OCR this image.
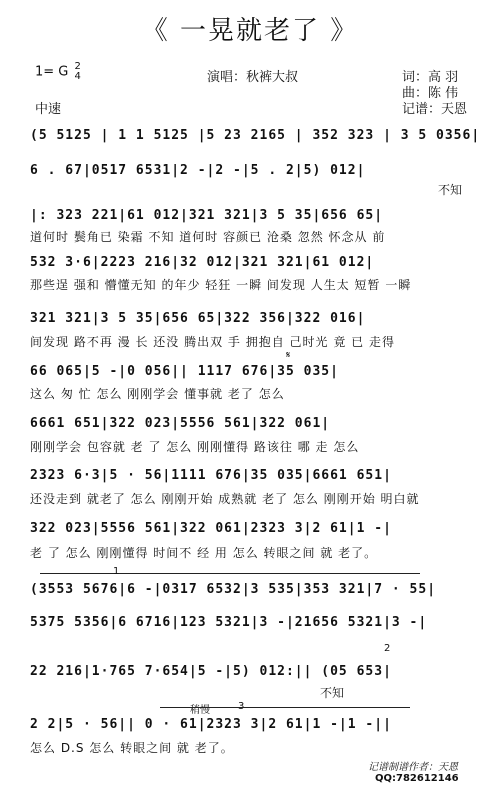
《 一晃就老了 》
1= G 2
4	演唱：秋裤大叔	词：高 羽
曲：陈 伟
记谱：天恩
中速
(5 5125 | 1 1 5125 |5 23 2165 | 352 323 | 3 5 0356|
6 . 67|0517 6531|2 -|2 -|5 . 2|5) 012|
不知
|: 323 221|61 012|321 321|3 5 35|656 65|
道何时 鬓角已 染霜 不知 道何时 容颜已 沧桑 忽然 怀念从 前
532 3·6|2223 216|32 012|321 321|61 012|
那些逞 强和 懵懂无知 的年少 轻狂 一瞬 间发现 人生太 短暂 一瞬
321 321|3 5 35|656 65|322 356|322 016|
间发现 路不再 漫 长 还没 腾出双 手 拥抱自 己时光 竟 已 走得
𝄋
66 065|5 -|0 056|| 1117 676|35 035|
这么 匆 忙 怎么 刚刚学会 懂事就 老了 怎么
6661 651|322 023|5556 561|322 061|
刚刚学会 包容就 老 了 怎么 刚刚懂得 路该往 哪 走 怎么
2323 6·3|5 · 56|1111 676|35 035|6661 651|
还没走到 就老了 怎么 刚刚开始 成熟就 老了 怎么 刚刚开始 明白就
322 023|5556 561|322 061|2323 3|2 61|1 -|
老 了 怎么 刚刚懂得 时间不 经 用 怎么 转眼之间 就 老了。
1
(3553 5676|6 -|0317 6532|3 535|353 321|7 · 55|
5375 5356|6 6716|123 5321|3 -|21656 5321|3 -|
2
22 216|1·765 7·654|5 -|5) 012:|| (05 653|
不知
稍慢	3
2 2|5 · 56|| 0 · 61|2323 3|2 61|1 -|1 -||
怎么 D.S 怎么 转眼之间 就 老了。
记谱制谱作者：天恩
QQ:782612146
